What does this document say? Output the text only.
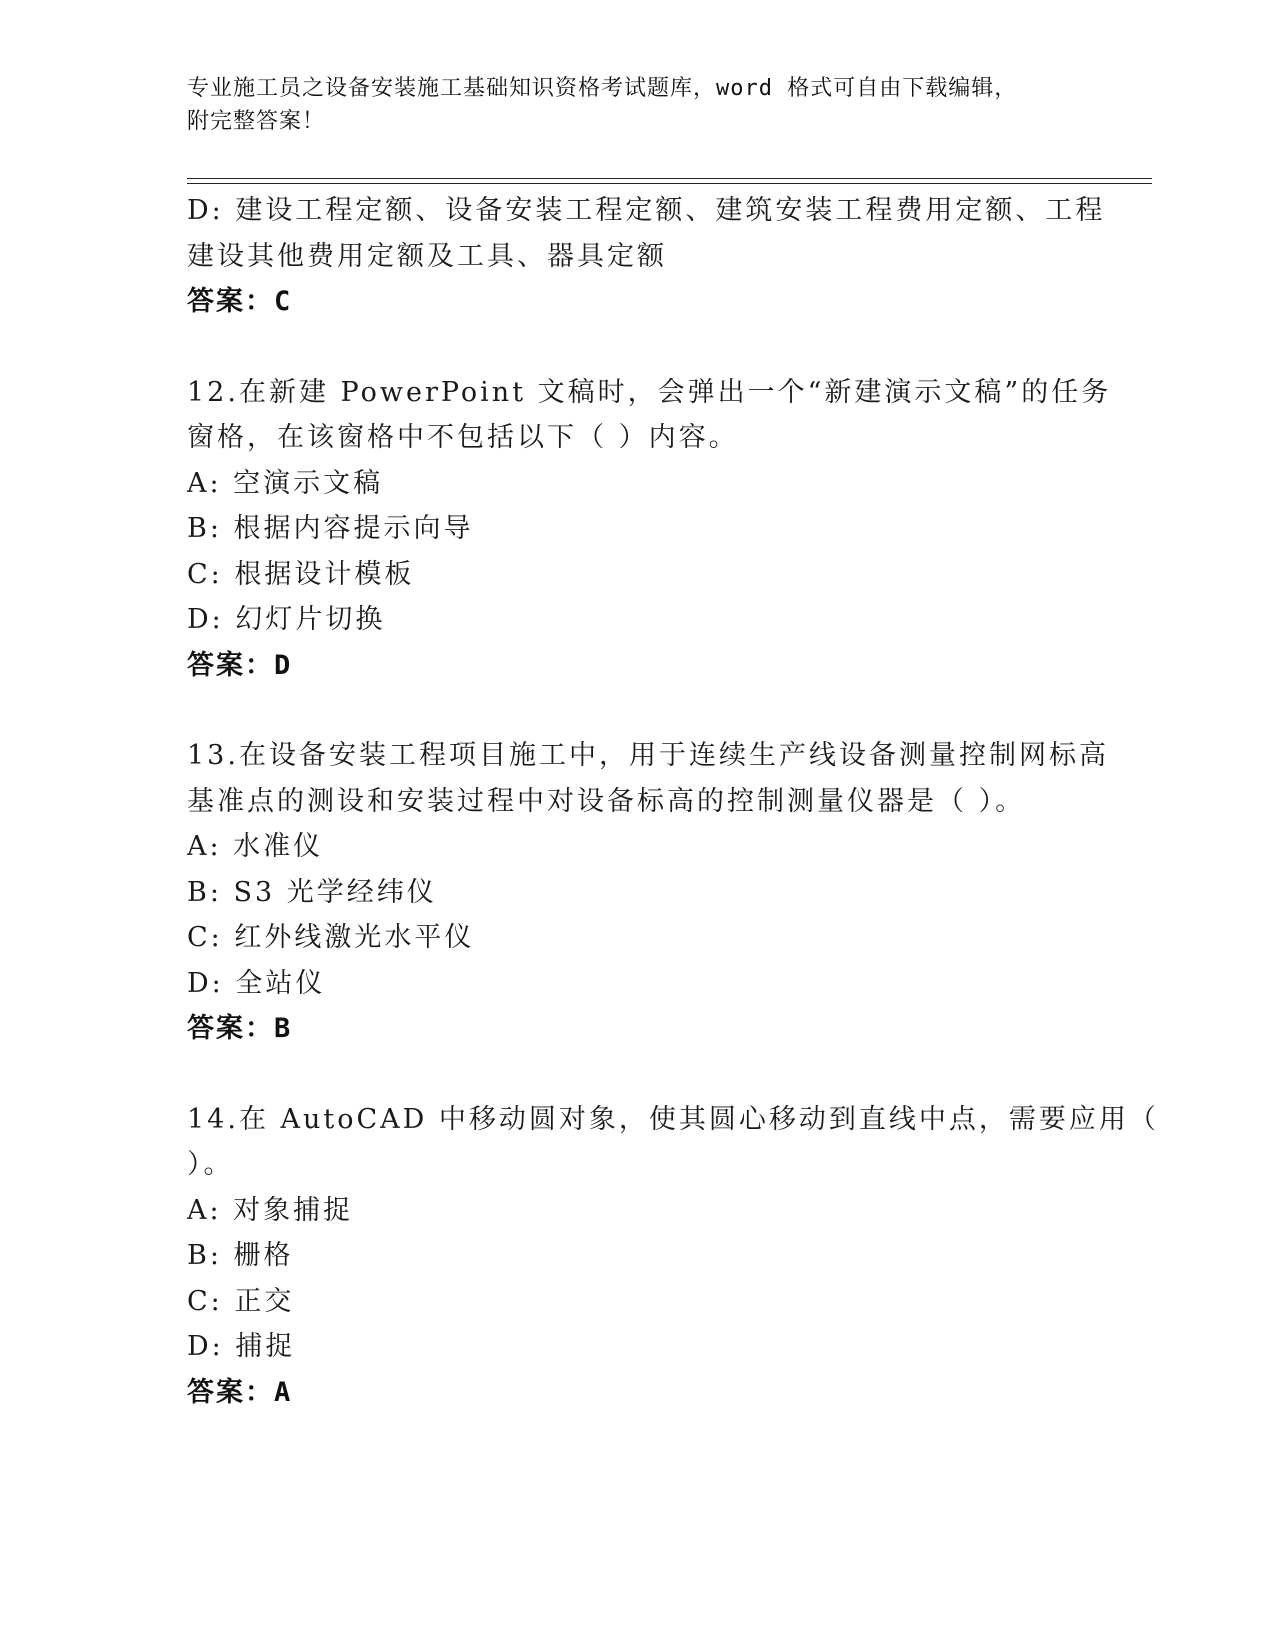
专业施工员之设备安装施工基础知识资格考试题库，word 格式可自由下载编辑，
附完整答案！
D: 建设工程定额、设备安装工程定额、建筑安装工程费用定额、工程
建设其他费用定额及工具、器具定额
答案：C
12.在新建 PowerPoint 文稿时，会弹出一个“新建演示文稿”的任务
窗格，在该窗格中不包括以下（ ）内容。
A: 空演示文稿
B: 根据内容提示向导
C: 根据设计模板
D: 幻灯片切换
答案：D
13.在设备安装工程项目施工中，用于连续生产线设备测量控制网标高
基准点的测设和安装过程中对设备标高的控制测量仪器是（ ）。
A: 水准仪
B: S3 光学经纬仪
C: 红外线激光水平仪
D: 全站仪
答案：B
14.在 AutoCAD 中移动圆对象，使其圆心移动到直线中点，需要应用（
）。
A: 对象捕捉
B: 栅格
C: 正交
D: 捕捉
答案：A
